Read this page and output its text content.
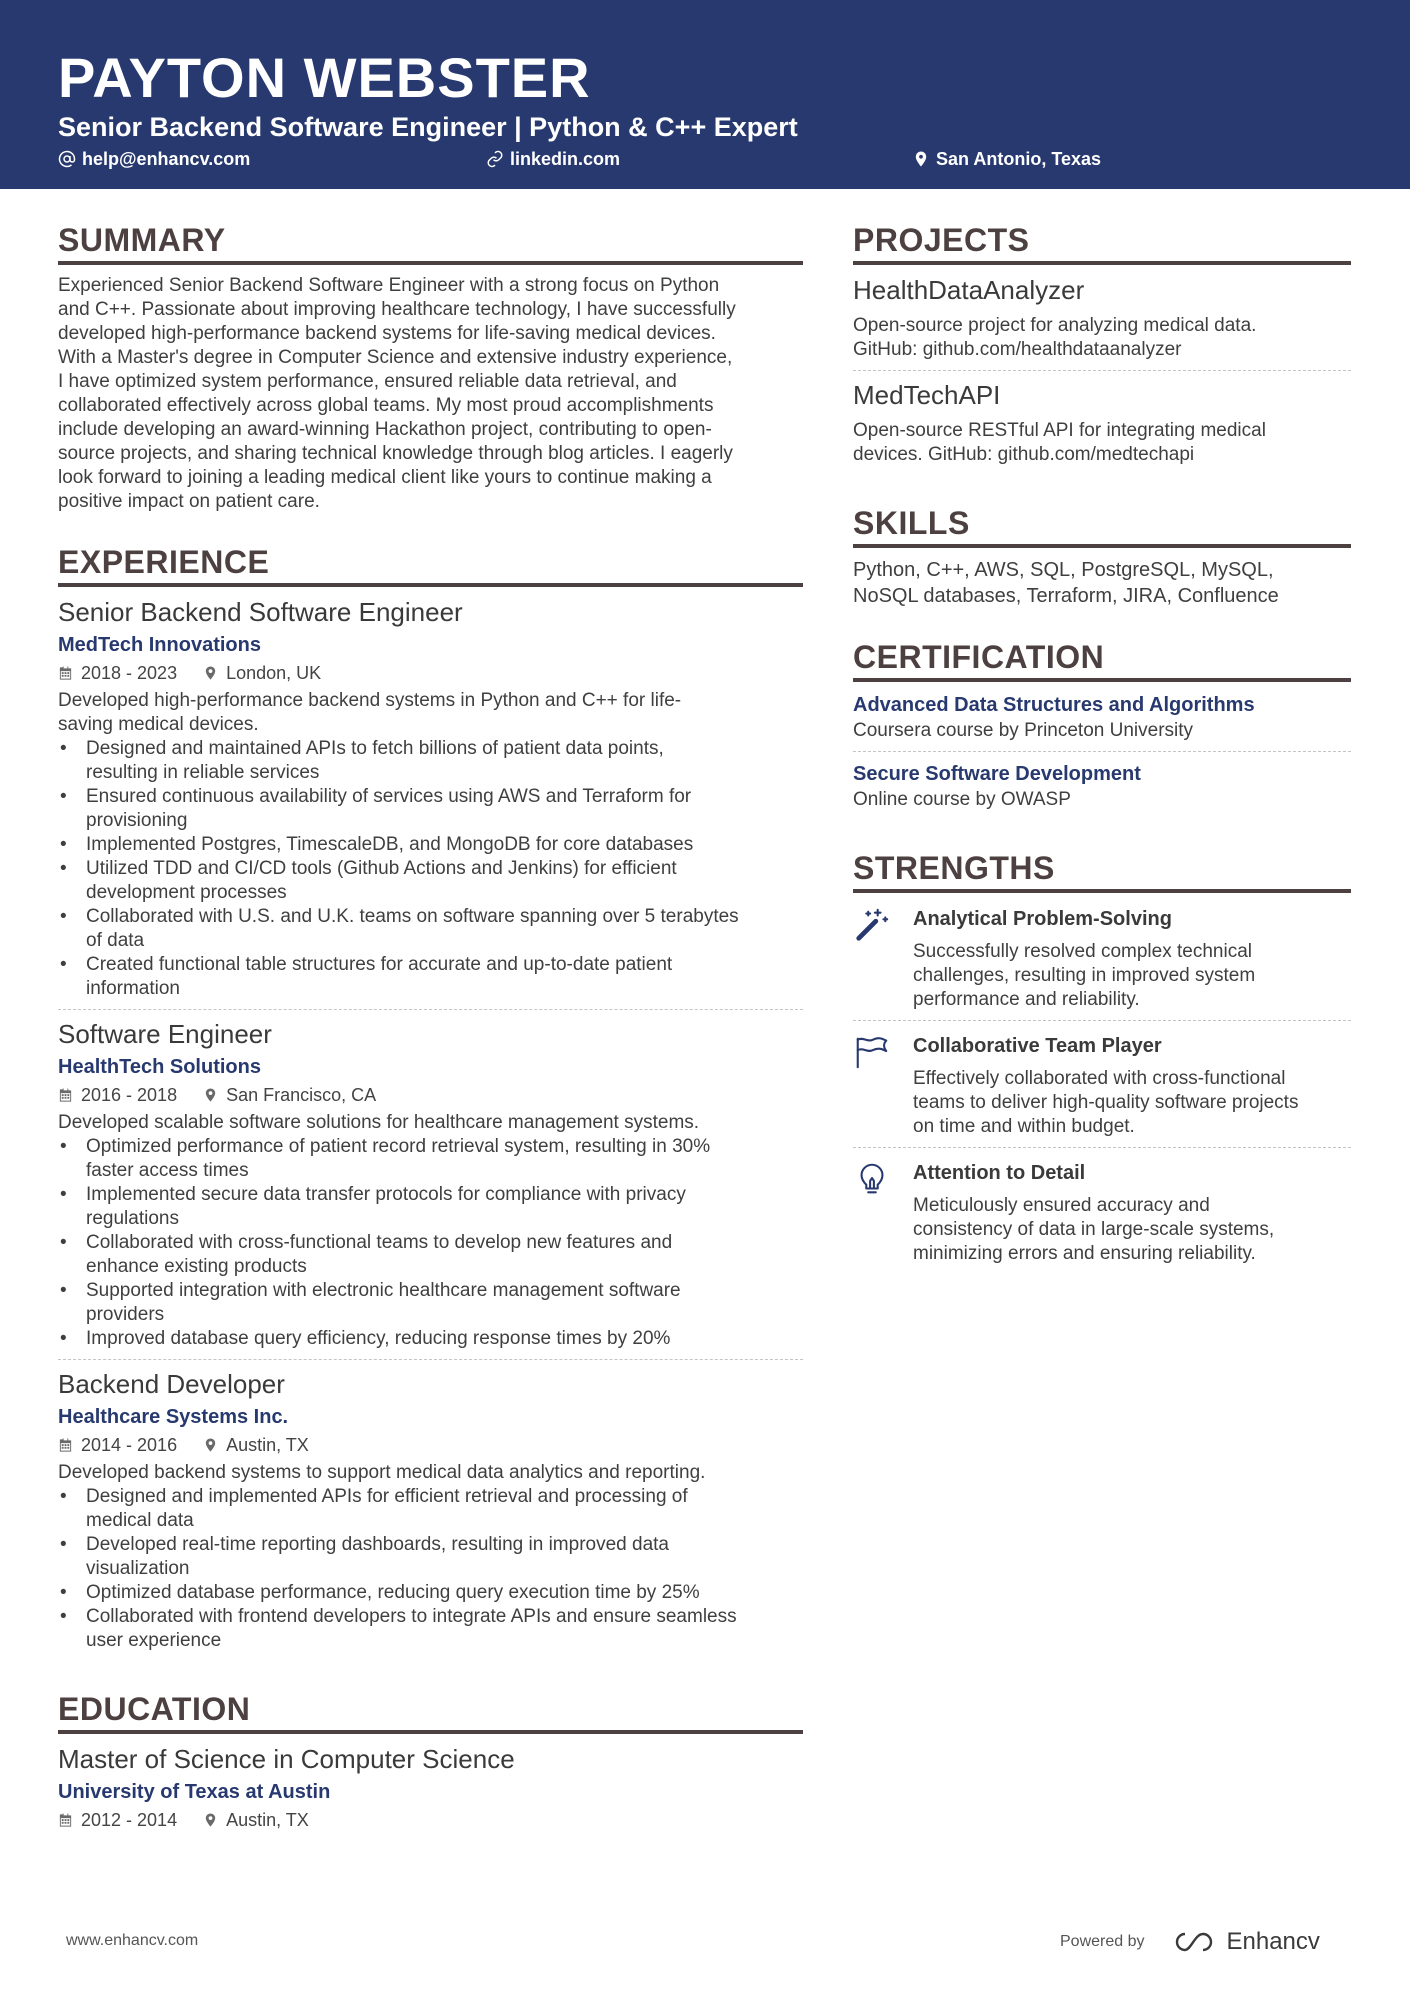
PAYTON WEBSTER
Senior Backend Software Engineer | Python & C++ Expert
help@enhancv.com	linkedin.com	San Antonio, Texas
SUMMARY
Experienced Senior Backend Software Engineer with a strong focus on Python
and C++. Passionate about improving healthcare technology, I have successfully
developed high-performance backend systems for life-saving medical devices.
With a Master's degree in Computer Science and extensive industry experience,
I have optimized system performance, ensured reliable data retrieval, and
collaborated effectively across global teams. My most proud accomplishments
include developing an award-winning Hackathon project, contributing to open-
source projects, and sharing technical knowledge through blog articles. I eagerly
look forward to joining a leading medical client like yours to continue making a
positive impact on patient care.
EXPERIENCE
Senior Backend Software Engineer
MedTech Innovations
2018 - 2023	London, UK
Developed high-performance backend systems in Python and C++ for life-
saving medical devices.
• Designed and maintained APIs to fetch billions of patient data points,
resulting in reliable services
• Ensured continuous availability of services using AWS and Terraform for
provisioning
• Implemented Postgres, TimescaleDB, and MongoDB for core databases
• Utilized TDD and CI/CD tools (Github Actions and Jenkins) for efficient
development processes
• Collaborated with U.S. and U.K. teams on software spanning over 5 terabytes
of data
• Created functional table structures for accurate and up-to-date patient
information
Software Engineer
HealthTech Solutions
2016 - 2018	San Francisco, CA
Developed scalable software solutions for healthcare management systems.
• Optimized performance of patient record retrieval system, resulting in 30%
faster access times
• Implemented secure data transfer protocols for compliance with privacy
regulations
• Collaborated with cross-functional teams to develop new features and
enhance existing products
• Supported integration with electronic healthcare management software
providers
• Improved database query efficiency, reducing response times by 20%
Backend Developer
Healthcare Systems Inc.
2014 - 2016	Austin, TX
Developed backend systems to support medical data analytics and reporting.
• Designed and implemented APIs for efficient retrieval and processing of
medical data
• Developed real-time reporting dashboards, resulting in improved data
visualization
• Optimized database performance, reducing query execution time by 25%
• Collaborated with frontend developers to integrate APIs and ensure seamless
user experience
EDUCATION
Master of Science in Computer Science
University of Texas at Austin
2012 - 2014	Austin, TX
PROJECTS
HealthDataAnalyzer
Open-source project for analyzing medical data.
GitHub: github.com/healthdataanalyzer
MedTechAPI
Open-source RESTful API for integrating medical
devices. GitHub: github.com/medtechapi
SKILLS
Python, C++, AWS, SQL, PostgreSQL, MySQL,
NoSQL databases, Terraform, JIRA, Confluence
CERTIFICATION
Advanced Data Structures and Algorithms
Coursera course by Princeton University
Secure Software Development
Online course by OWASP
STRENGTHS
Analytical Problem-Solving
Successfully resolved complex technical
challenges, resulting in improved system
performance and reliability.
Collaborative Team Player
Effectively collaborated with cross-functional
teams to deliver high-quality software projects
on time and within budget.
Attention to Detail
Meticulously ensured accuracy and
consistency of data in large-scale systems,
minimizing errors and ensuring reliability.
www.enhancv.com	Powered by	Enhancv
